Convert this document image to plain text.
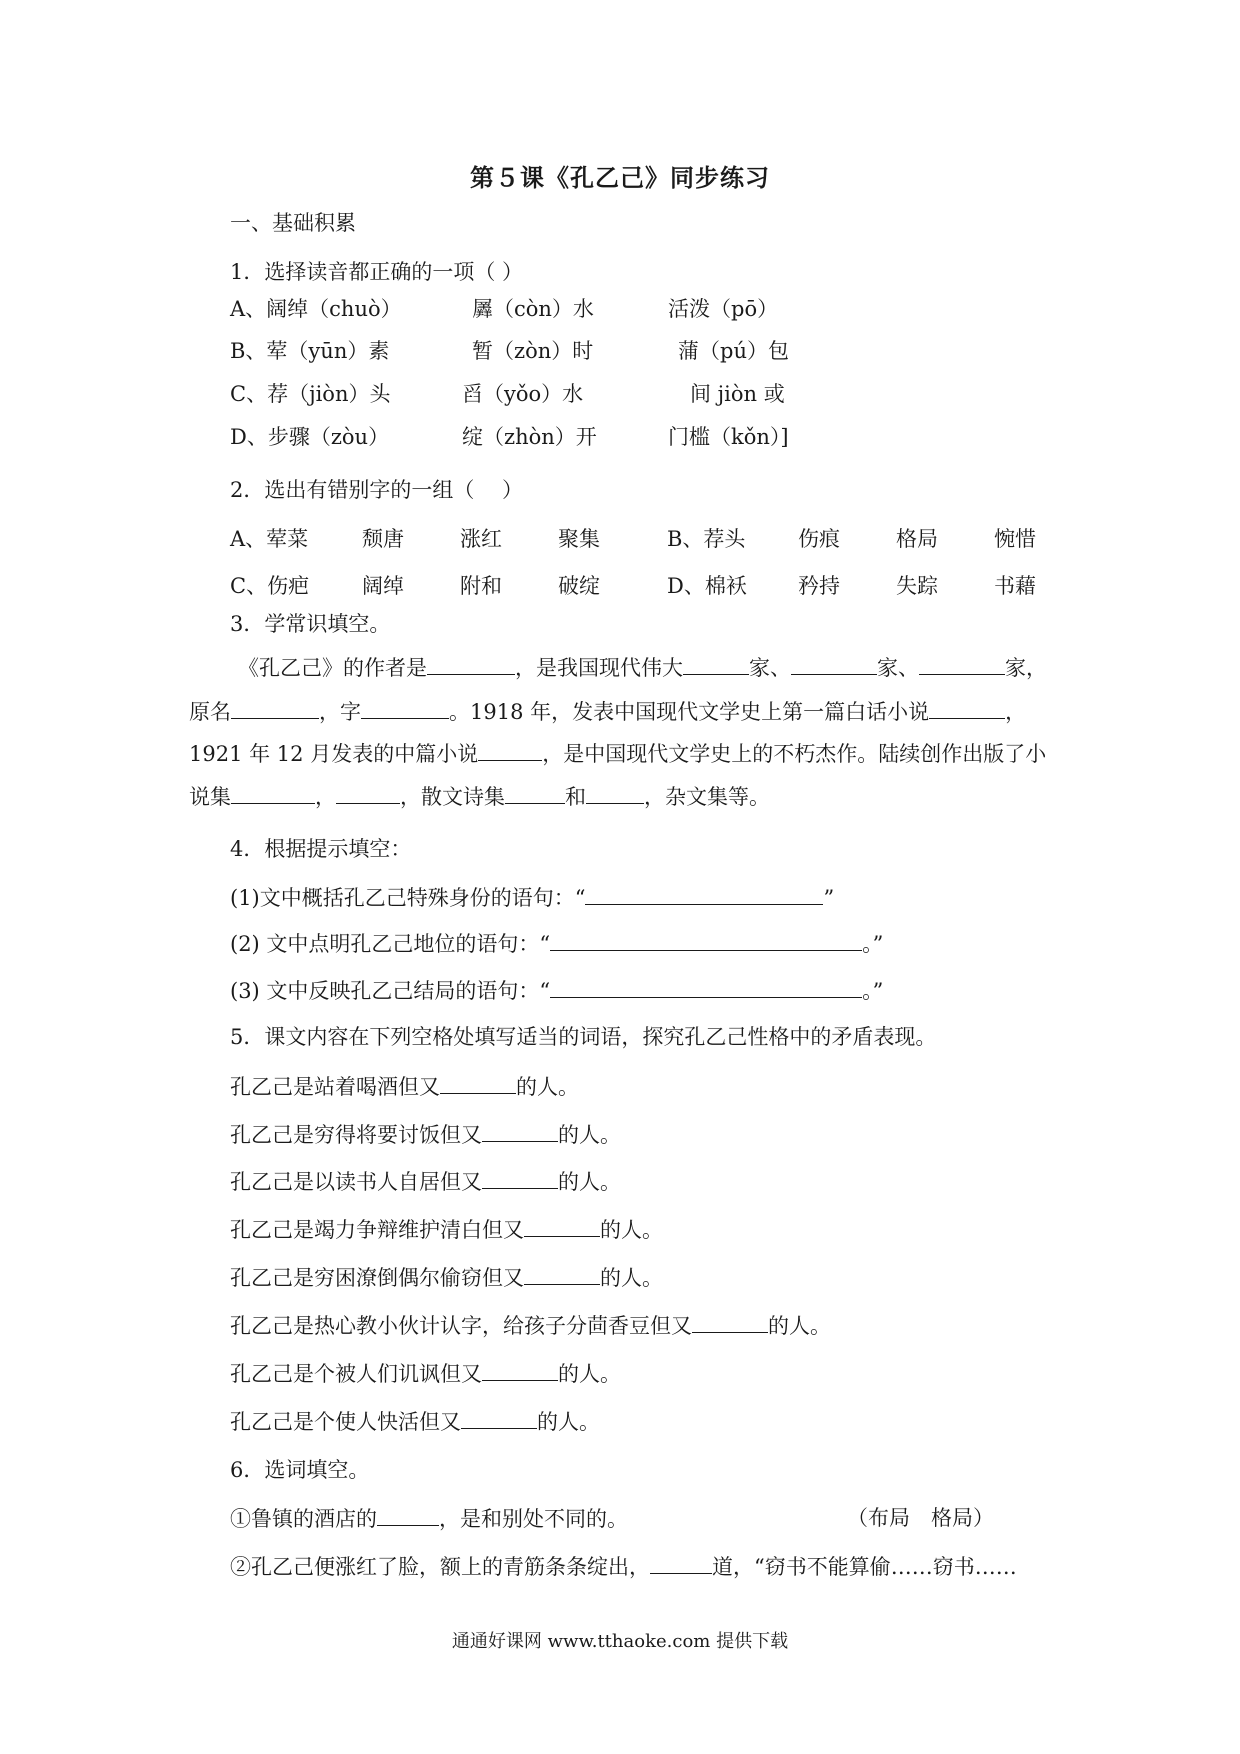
第５课《孔乙己》同步练习
一、基础积累
1．选择读音都正确的一项（ ）
A、阔绰（chuò）	羼（còn）水	活泼（pō）
B、荤（yūn）素	暂（zòn）时	蒲（pú）包
C、荐（jiòn）头	舀（yǒo）水	间 jiòn 或
D、步骤（zòu）	绽（zhòn）开	门槛（kǒn）]
2．选出有错别字的一组（　 ）
A、荤菜	颓唐	涨红	聚集	B、荐头	伤痕	格局	惋惜
C、伤疤	阔绰	附和	破绽	D、棉袄 矜持	失踪	书藉
3．学常识填空。
《孔乙己》的作者是	，是我国现代伟大	家、	家、	家，
原名	，字	。1918 年，发表中国现代文学史上第一篇白话小说	，
1921 年 12 月发表的中篇小说	，是中国现代文学史上的不朽杰作。陆续创作出版了小
说集	，	，散文诗集	和	，杂文集等。
4．根据提示填空：
(1)文中概括孔乙己特殊身份的语句：“	”
(2) 文中点明孔乙己地位的语句：“	。”
(3) 文中反映孔乙己结局的语句：“	。”
5．课文内容在下列空格处填写适当的词语，探究孔乙己性格中的矛盾表现。
孔乙己是站着喝酒但又	的人。
孔乙己是穷得将要讨饭但又	的人。
孔乙己是以读书人自居但又	的人。
孔乙己是竭力争辩维护清白但又	的人。
孔乙己是穷困潦倒偶尔偷窃但又	的人。
孔乙己是热心教小伙计认字，给孩子分茴香豆但又	的人。
孔乙己是个被人们讥讽但又	的人。
孔乙己是个使人快活但又	的人。
6．选词填空。
①鲁镇的酒店的	，是和别处不同的。	（布局　格局）
②孔乙己便涨红了脸，额上的青筋条条绽出，	道，“窃书不能算偷……窃书……
通通好课网 www.tthaoke.com 提供下载
